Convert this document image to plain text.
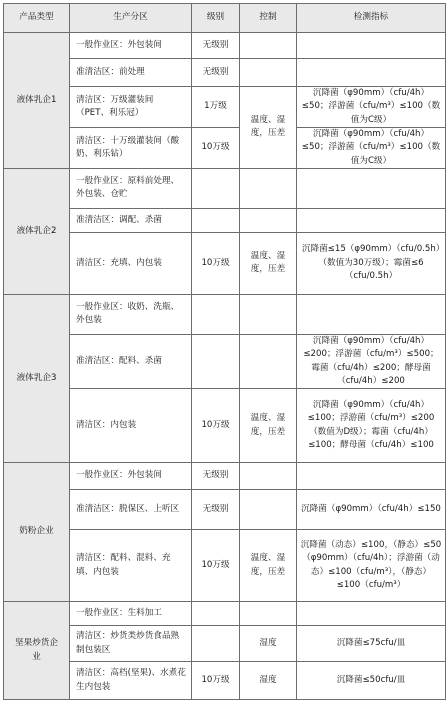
产品类型	生产分区	级别	控制	检测指标
液体乳企1	一般作业区：外包装间	无级别		
	准清洁区：前处理	无级别		
	清洁区：万级灌装间（PET、利乐冠）	1万级	温度、湿度，压差	沉降菌（φ90mm）（cfu/4h）≤50；浮游菌（cfu/m³）≤100（数值为C级）
	清洁区：十万级灌装间（酸奶、利乐钻）	10万级		沉降菌（φ90mm）（cfu/4h）≤50；浮游菌（cfu/m³）≤100（数值为C级）
液体乳企2	一般作业区：原料前处理、外包装、仓贮			
	准清洁区：调配、杀菌			
	清洁区：充填、内包装	10万级	温度、湿度，压差	沉降菌≤15（φ90mm）（cfu/0.5h）（数值为30万级）；霉菌≤6（cfu/0.5h）
液体乳企3	一般作业区：收奶、洗瓶、外包装			
	准清洁区：配料、杀菌			沉降菌（φ90mm）（cfu/4h）≤200；浮游菌（cfu/m³）≤500；霉菌（cfu/4h）≤200；酵母菌（cfu/4h）≤200
	清洁区：内包装	10万级	温度、湿度，压差	沉降菌（φ90mm）（cfu/4h）≤100；浮游菌（cfu/m³）≤200（数值为D级）；霉菌（cfu/4h）≤100；酵母菌（cfu/4h）≤100
奶粉企业	一般作业区：外包装间	无级别		
	准清洁区：脱保区、上听区	无级别		沉降菌（φ90mm）（cfu/4h）≤150
	清洁区：配料、混料、充填、内包装	10万级	温度、湿度，压差	沉降菌（动态）≤100，（静态）≤50（φ90mm）（cfu/4h）；浮游菌（动态）≤100（cfu/m³），（静态）≤100（cfu/m³）
坚果炒货企业	一般作业区：生料加工			
	清洁区：炒货类炒货食品熟制包装区		湿度	沉降菌≤75cfu/皿
	清洁区：高档(坚果)、水煮花生内包装	10万级	湿度	沉降菌≤50cfu/皿
